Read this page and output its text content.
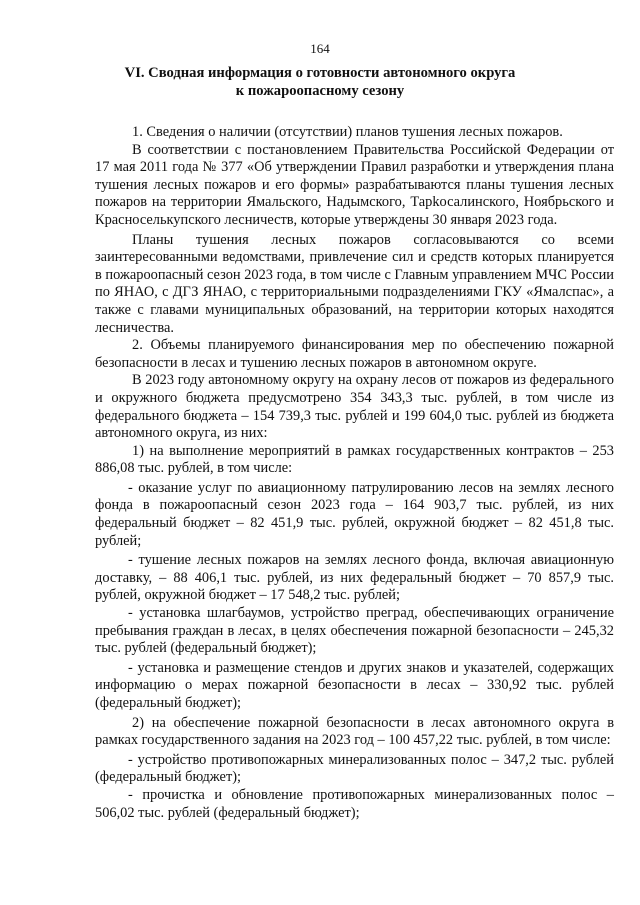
164
VI. Сводная информация о готовности автономного округа
к пожароопасному сезону

1. Сведения о наличии (отсутствии) планов тушения лесных пожаров.

В соответствии с постановлением Правительства Российской Федерации от 17 мая 2011 года № 377 «Об утверждении Правил разработки и утверждения плана тушения лесных пожаров и его формы» разрабатываются планы тушения лесных пожаров на территории Ямальского, Надымского, Тарkосалинского, Ноябрьского и Красноселькупского лесничеств, которые утверждены 30 января 2023 года.

Планы тушения лесных пожаров согласовываются со всеми заинтересованными ведомствами, привлечение сил и средств которых планируется в пожароопасный сезон 2023 года, в том числе с Главным управлением МЧС России по ЯНАО, с ДГЗ ЯНАО, с территориальными подразделениями ГКУ «Ямалспас», а также с главами муниципальных образований, на территории которых находятся лесничества.

2. Объемы планируемого финансирования мер по обеспечению пожарной безопасности в лесах и тушению лесных пожаров в автономном округе.

В 2023 году автономному округу на охрану лесов от пожаров из федерального и окружного бюджета предусмотрено 354 343,3 тыс. рублей, в том числе из федерального бюджета – 154 739,3 тыс. рублей и 199 604,0 тыс. рублей из бюджета автономного округа, из них:

1) на выполнение мероприятий в рамках государственных контрактов – 253 886,08 тыс. рублей, в том числе:

- оказание услуг по авиационному патрулированию лесов на землях лесного фонда в пожароопасный сезон 2023 года – 164 903,7 тыс. рублей, из них федеральный бюджет – 82 451,9 тыс. рублей, окружной бюджет – 82 451,8 тыс. рублей;

- тушение лесных пожаров на землях лесного фонда, включая авиационную доставку, – 88 406,1 тыс. рублей, из них федеральный бюджет – 70 857,9 тыс. рублей, окружной бюджет – 17 548,2 тыс. рублей;

- установка шлагбаумов, устройство преград, обеспечивающих ограничение пребывания граждан в лесах, в целях обеспечения пожарной безопасности – 245,32 тыс. рублей (федеральный бюджет);

- установка и размещение стендов и других знаков и указателей, содержащих информацию о мерах пожарной безопасности в лесах – 330,92 тыс. рублей (федеральный бюджет);

2) на обеспечение пожарной безопасности в лесах автономного округа в рамках государственного задания на 2023 год – 100 457,22 тыс. рублей, в том числе:

- устройство противопожарных минерализованных полос – 347,2 тыс. рублей (федеральный бюджет);

- прочистка и обновление противопожарных минерализованных полос – 506,02 тыс. рублей (федеральный бюджет);
